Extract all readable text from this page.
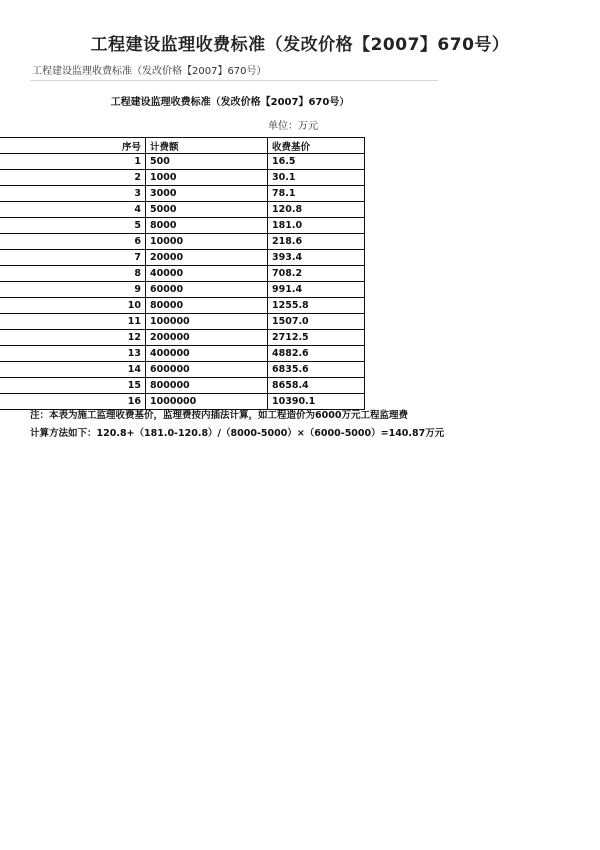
工程建设监理收费标准（发改价格【2007】670号）
工程建设监理收费标准（发改价格【2007】670号）
工程建设监理收费标准（发改价格【2007】670号）
单位：万元
序号	计费额	收费基价
1	500	16.5
2	1000	30.1
3	3000	78.1
4	5000	120.8
5	8000	181.0
6	10000	218.6
7	20000	393.4
8	40000	708.2
9	60000	991.4
10	80000	1255.8
11	100000	1507.0
12	200000	2712.5
13	400000	4882.6
14	600000	6835.6
15	800000	8658.4
16	1000000	10390.1
注：本表为施工监理收费基价，监理费按内插法计算，如工程造价为6000万元工程监理费
计算方法如下：120.8+（181.0-120.8）/（8000-5000）×（6000-5000）=140.87万元
